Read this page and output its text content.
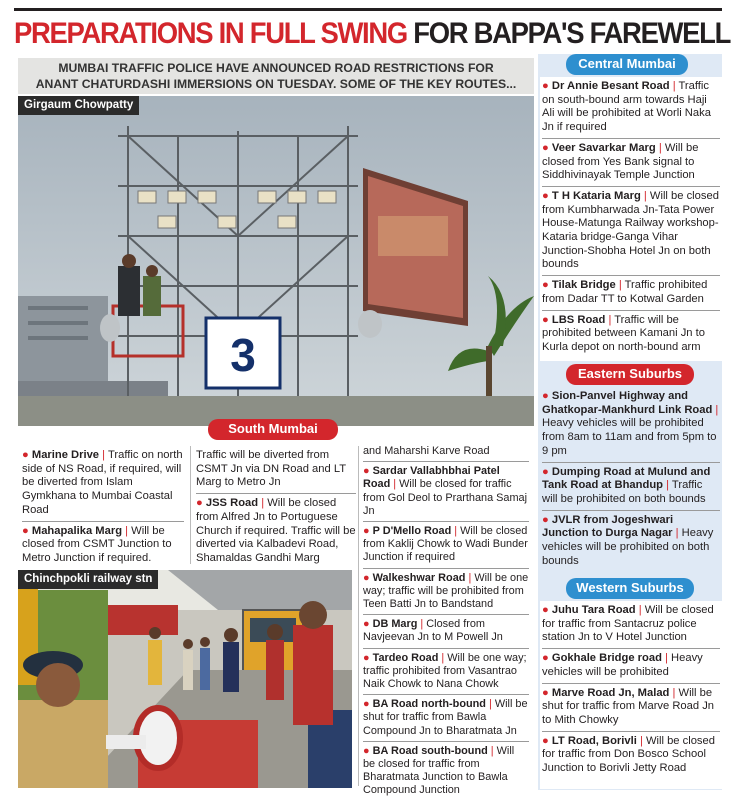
PREPARATIONS IN FULL SWING FOR BAPPA'S FAREWELL
MUMBAI TRAFFIC POLICE HAVE ANNOUNCED ROAD RESTRICTIONS FOR
ANANT CHATURDASHI IMMERSIONS ON TUESDAY. SOME OF THE KEY ROUTES...
3
Girgaum Chowpatty
South Mumbai
● Marine Drive | Traffic on north side of NS Road, if required, will be diverted from Islam Gymkhana to Mumbai Coastal Road
● Mahapalika Marg | Will be closed from CSMT Junction to Metro Junction if required.
Traffic will be diverted from CSMT Jn via DN Road and LT Marg to Metro Jn
● JSS Road | Will be closed from Alfred Jn to Portuguese Church if required. Traffic will be diverted via Kalbadevi Road, Shamaldas Gandhi Marg
and Maharshi Karve Road
● Sardar Vallabhbhai Patel Road | Will be closed for traffic from Gol Deol to Prarthana Samaj Jn
● P D'Mello Road | Will be closed from Kaklij Chowk to Wadi Bunder Junction if required
● Walkeshwar Road | Will be one way; traffic will be prohibited from Teen Batti Jn to Bandstand
● DB Marg | Closed from Navjeevan Jn to M Powell Jn
● Tardeo Road | Will be one way; traffic prohibited from Vasantrao Naik Chowk to Nana Chowk
● BA Road north-bound | Will be shut for traffic from Bawla Compound Jn to Bharatmata Jn
● BA Road south-bound | Will be closed for traffic from Bharatmata Junction to Bawla Compound Junction
Chinchpokli railway stn
Central Mumbai
● Dr Annie Besant Road | Traffic on south-bound arm towards Haji Ali will be prohibited at Worli Naka Jn if required
● Veer Savarkar Marg | Will be closed from Yes Bank signal to Siddhivinayak Temple Junction
● T H Kataria Marg | Will be closed from Kumbharwada Jn-Tata Power House-Matunga Railway workshop-Kataria bridge-Ganga Vihar Junction-Shobha Hotel Jn on both bounds
● Tilak Bridge | Traffic prohibited from Dadar TT to Kotwal Garden
● LBS Road | Traffic will be prohibited between Kamani Jn to Kurla depot on north-bound arm
Eastern Suburbs
● Sion-Panvel Highway and Ghatkopar-Mankhurd Link Road | Heavy vehicles will be prohibited from 8am to 11am and from 5pm to 9 pm
● Dumping Road at Mulund and Tank Road at Bhandup | Traffic will be prohibited on both bounds
● JVLR from Jogeshwari Junction to Durga Nagar | Heavy vehicles will be prohibited on both bounds
Western Suburbs
● Juhu Tara Road | Will be closed for traffic from Santacruz police station Jn to V Hotel Junction
● Gokhale Bridge road | Heavy vehicles will be prohibited
● Marve Road Jn, Malad | Will be shut for traffic from Marve Road Jn to Mith Chowky
● LT Road, Borivli | Will be closed for traffic from Don Bosco School Junction to Borivli Jetty Road
